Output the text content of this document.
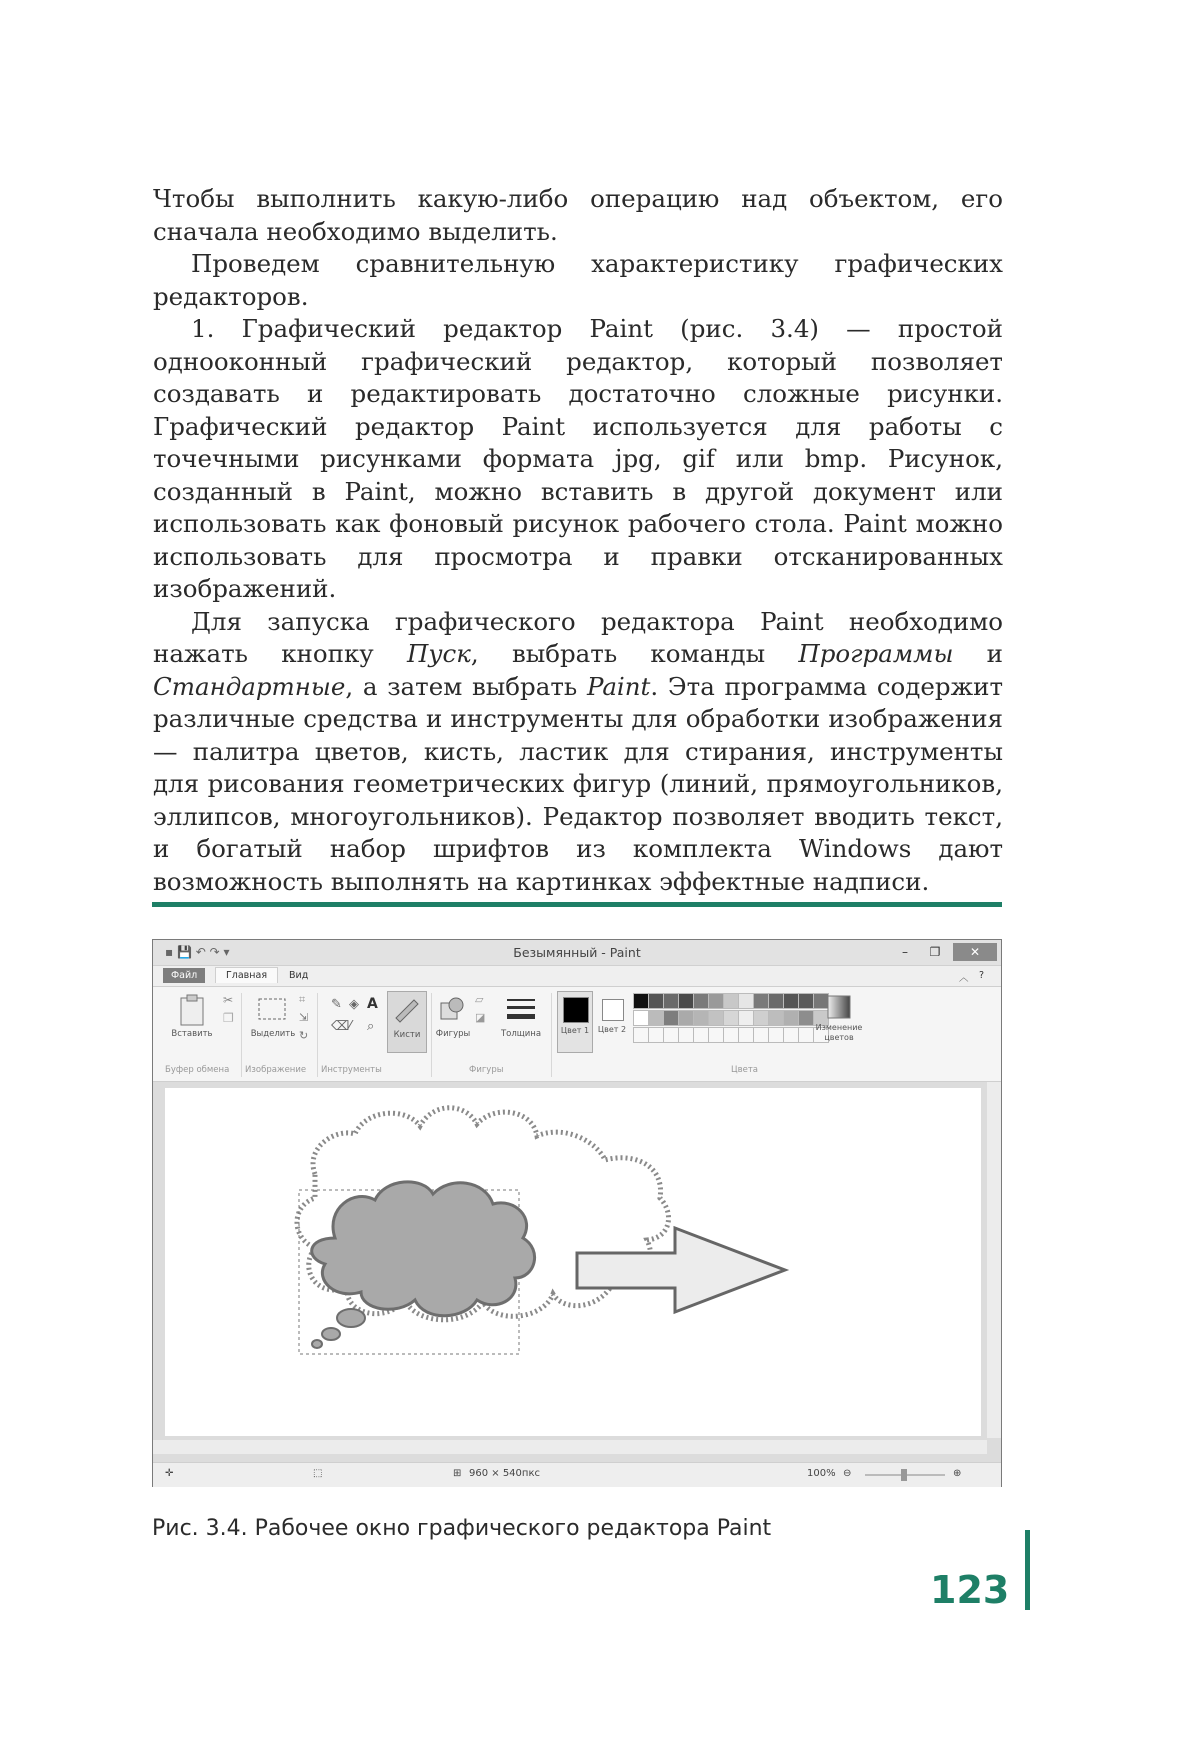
Чтобы выполнить какую-либо операцию над объектом, его сначала необходимо выделить.

Проведем сравнительную характеристику графических редакторов.

1. Графический редактор Paint (рис. 3.4) — простой однооконный графический редактор, который позволяет создавать и редактировать достаточно сложные рисунки. Графический редактор Paint используется для работы с точечными рисунками формата jpg, gif или bmp. Рисунок, созданный в Paint, можно вставить в другой документ или использовать как фоновый рисунок рабочего стола. Paint можно использовать для просмотра и правки отсканированных изображений.

Для запуска графического редактора Paint необходимо нажать кнопку Пуск, выбрать команды Программы и Стандартные, а затем выбрать Paint. Эта программа содержит различные средства и инструменты для обработки изображения — палитра цветов, кисть, ластик для стирания, инструменты для рисования геометрических фигур (линий, прямоугольников, эллипсов, многоугольников). Редактор позволяет вводить текст, и богатый набор шрифтов из комплекта Windows дают возможность выполнять на картинках эффектные надписи.

▪ 💾 ↶ ↷ ▾	Безымянный - Paint	–	❐	✕
Файл	Главная	Вид	︿	?
Вставить
✂
❐
Выделить
⌗
⇲
↻
✎ ◈ A
⌫ ⁄ ⌕
Кисти	Фигуры
▱
◪
Толщина	Цвет 1	Цвет 2	Изменение цветов
Буфер обмена Изображение Инструменты	Фигуры	Цвета
✛	⬚	⊞ 960 × 540пкс	100% ⊖	⊕
Рис. 3.4. Рабочее окно графического редактора Paint
123
